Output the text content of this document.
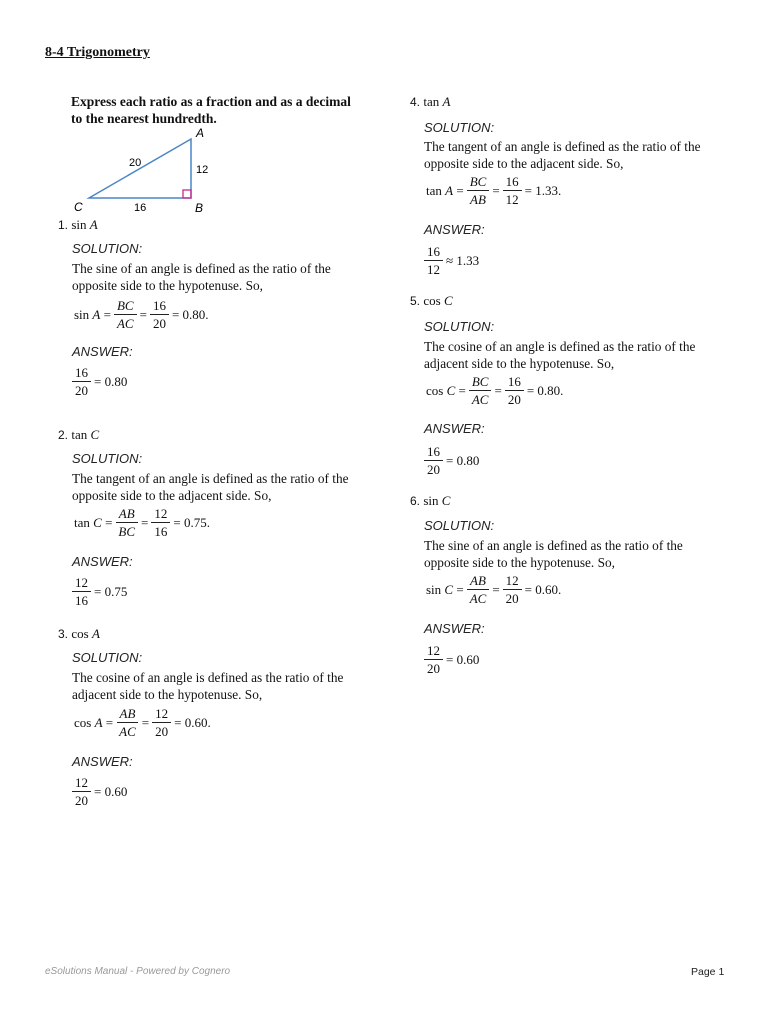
8-4 Trigonometry
Express each ratio as a fraction and as a decimal to the nearest hundredth.
A
B
C
20
12
16
1. sin A
SOLUTION:
The sine of an angle is defined as the ratio of the opposite side to the hypotenuse. So,
sin
$A = \frac{BC}{AC} = \frac{16}{20} = 0.80$.
ANSWER:
$\frac{16}{20} = 0.80$
2. tan C
SOLUTION:
The tangent of an angle is defined as the ratio of the opposite side to the adjacent side. So,
tan
$C = \frac{AB}{BC} = \frac{12}{16} = 0.75$.
ANSWER:
$\frac{12}{16} = 0.75$
3. cos A
SOLUTION:
The cosine of an angle is defined as the ratio of the adjacent side to the hypotenuse. So,
cos
$A = \frac{AB}{AC} = \frac{12}{20} = 0.60$.
ANSWER:
$\frac{12}{20} = 0.60$
4. tan A
SOLUTION:
The tangent of an angle is defined as the ratio of the opposite side to the adjacent side. So,
tan
$A = \frac{BC}{AB} = \frac{16}{12} = 1.33$.
ANSWER:
$\frac{16}{12} \approx 1.33$
5. cos C
SOLUTION:
The cosine of an angle is defined as the ratio of the adjacent side to the hypotenuse. So,
cos
$C = \frac{BC}{AC} = \frac{16}{20} = 0.80$.
ANSWER:
$\frac{16}{20} = 0.80$
6. sin C
SOLUTION:
The sine of an angle is defined as the ratio of the opposite side to the hypotenuse. So,
sin
$C = \frac{AB}{AC} = \frac{12}{20} = 0.60$.
ANSWER:
$\frac{12}{20} = 0.60$
eSolutions Manual - Powered by Cognero	Page 1
